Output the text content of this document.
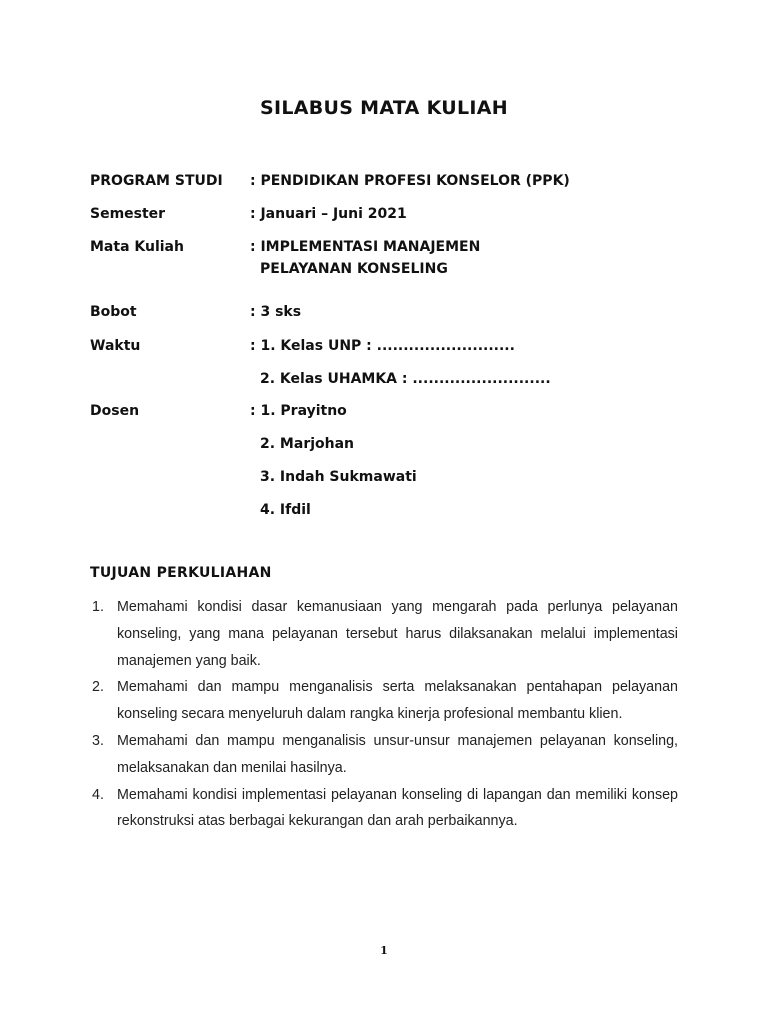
SILABUS MATA KULIAH
PROGRAM STUDI : PENDIDIKAN PROFESI KONSELOR (PPK)
Semester	: Januari – Juni 2021
Mata Kuliah	: IMPLEMENTASI MANAJEMEN
PELAYANAN KONSELING
Bobot	: 3 sks
Waktu	: 1. Kelas UNP : ..........................
2. Kelas UHAMKA : ..........................
Dosen	: 1. Prayitno
2. Marjohan
3. Indah Sukmawati
4. Ifdil
TUJUAN PERKULIAHAN
1. Memahami kondisi dasar kemanusiaan yang mengarah pada perlunya pelayanan konseling, yang mana pelayanan tersebut harus dilaksanakan melalui implementasi manajemen yang baik.
2. Memahami dan mampu menganalisis serta melaksanakan pentahapan pelayanan konseling secara menyeluruh dalam rangka kinerja profesional membantu klien.
3. Memahami dan mampu menganalisis unsur-unsur manajemen pelayanan konseling, melaksanakan dan menilai hasilnya.
4. Memahami kondisi implementasi pelayanan konseling di lapangan dan memiliki konsep rekonstruksi atas berbagai kekurangan dan arah perbaikannya.
1
